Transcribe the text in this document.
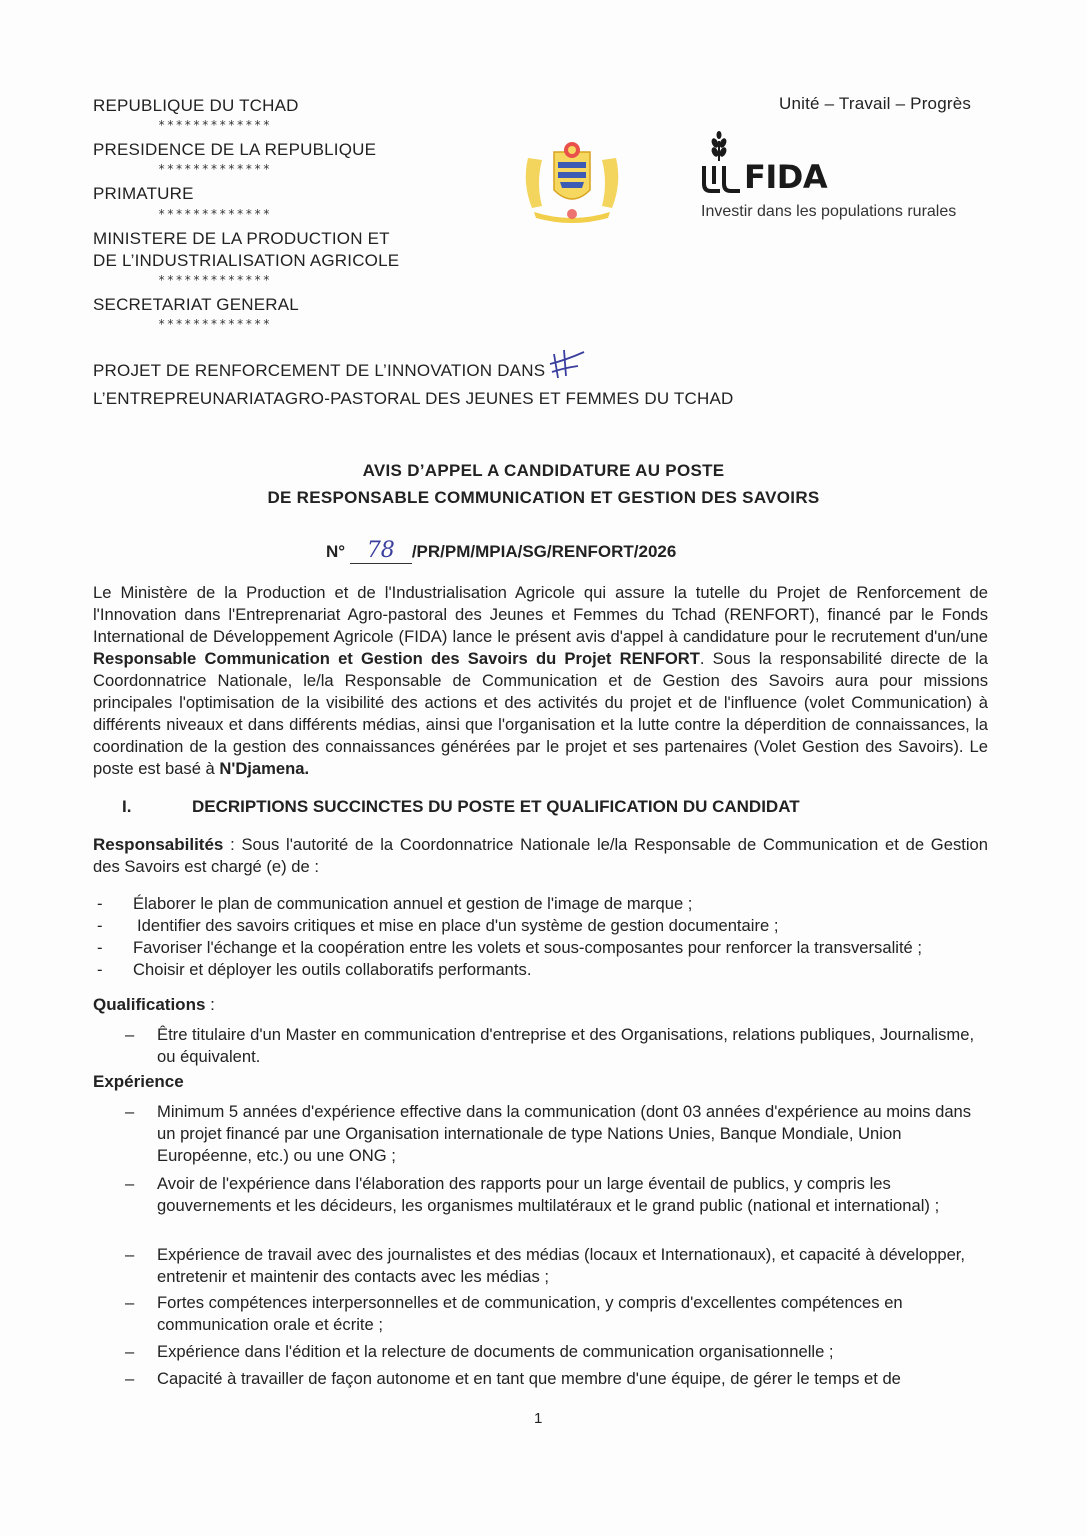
REPUBLIQUE DU TCHAD
*************
PRESIDENCE DE LA REPUBLIQUE
*************
PRIMATURE
*************
MINISTERE DE LA PRODUCTION ET
DE L’INDUSTRIALISATION AGRICOLE
*************
SECRETARIAT GENERAL
*************
Unité – Travail – Progrès
FIDA
Investir dans les populations rurales
PROJET DE RENFORCEMENT DE L’INNOVATION DANS
L’ENTREPREUNARIATAGRO-PASTORAL DES JEUNES ET FEMMES DU TCHAD
AVIS D’APPEL A CANDIDATURE AU POSTE
DE RESPONSABLE COMMUNICATION ET GESTION DES SAVOIRS
N° 78 /PR/PM/MPIA/SG/RENFORT/2026
Le Ministère de la Production et de l'Industrialisation Agricole qui assure la tutelle du Projet de Renforcement de l'Innovation dans l'Entreprenariat Agro-pastoral des Jeunes et Femmes du Tchad (RENFORT), financé par le Fonds International de Développement Agricole (FIDA) lance le présent avis d'appel à candidature pour le recrutement d'un/une Responsable Communication et Gestion des Savoirs du Projet RENFORT. Sous la responsabilité directe de la Coordonnatrice Nationale, le/la Responsable de Communication et de Gestion des Savoirs aura pour missions principales l'optimisation de la visibilité des actions et des activités du projet et de l'influence (volet Communication) à différents niveaux et dans différents médias, ainsi que l'organisation et la lutte contre la déperdition de connaissances, la coordination de la gestion des connaissances générées par le projet et ses partenaires (Volet Gestion des Savoirs). Le poste est basé à N'Djamena.
I.	DECRIPTIONS SUCCINCTES DU POSTE ET QUALIFICATION DU CANDIDAT
Responsabilités : Sous l'autorité de la Coordonnatrice Nationale le/la Responsable de Communication et de Gestion des Savoirs est chargé (e) de :
- Élaborer le plan de communication annuel et gestion de l'image de marque ;
- Identifier des savoirs critiques et mise en place d'un système de gestion documentaire ;
- Favoriser l'échange et la coopération entre les volets et sous-composantes pour renforcer la transversalité ;
- Choisir et déployer les outils collaboratifs performants.
Qualifications :
– Être titulaire d'un Master en communication d'entreprise et des Organisations, relations publiques, Journalisme, ou équivalent.
Expérience
– Minimum 5 années d'expérience effective dans la communication (dont 03 années d'expérience au moins dans un projet financé par une Organisation internationale de type Nations Unies, Banque Mondiale, Union Européenne, etc.) ou une ONG ;
– Avoir de l'expérience dans l'élaboration des rapports pour un large éventail de publics, y compris les gouvernements et les décideurs, les organismes multilatéraux et le grand public (national et international) ;
– Expérience de travail avec des journalistes et des médias (locaux et Internationaux), et capacité à développer, entretenir et maintenir des contacts avec les médias ;
– Fortes compétences interpersonnelles et de communication, y compris d'excellentes compétences en communication orale et écrite ;
– Expérience dans l'édition et la relecture de documents de communication organisationnelle ;
– Capacité à travailler de façon autonome et en tant que membre d'une équipe, de gérer le temps et de
1
